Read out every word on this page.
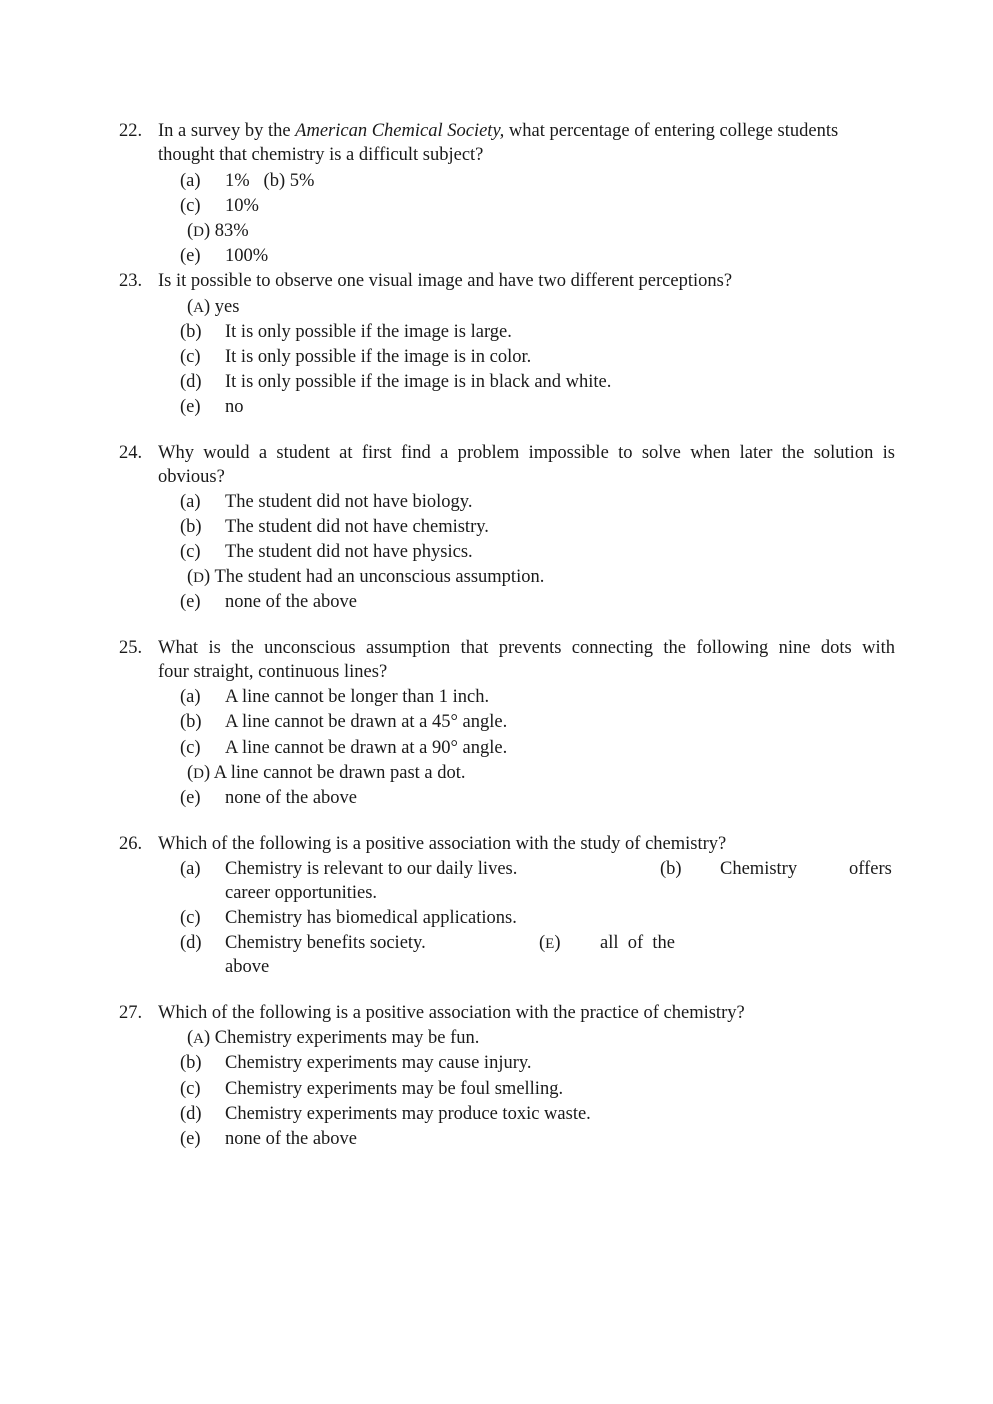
22. In a survey by the American Chemical Society, what percentage of entering college students
thought that chemistry is a difficult subject?
(a) 1% (b) 5%
(c) 10%
(D) 83%
(e) 100%
23. Is it possible to observe one visual image and have two different perceptions?
(A) yes
(b) It is only possible if the image is large.
(c) It is only possible if the image is in color.
(d) It is only possible if the image is in black and white.
(e) no
24. Why would a student at first find a problem impossible to solve when later the solution is
obvious?
(a) The student did not have biology.
(b) The student did not have chemistry.
(c) The student did not have physics.
(D) The student had an unconscious assumption.
(e) none of the above
25. What is the unconscious assumption that prevents connecting the following nine dots with
four straight, continuous lines?
(a) A line cannot be longer than 1 inch.
(b) A line cannot be drawn at a 45° angle.
(c) A line cannot be drawn at a 90° angle.
(D) A line cannot be drawn past a dot.
(e) none of the above
26. Which of the following is a positive association with the study of chemistry?
(a) Chemistry is relevant to our daily lives.	(b) Chemistry	offers
career opportunities.
(c) Chemistry has biomedical applications.
(d) Chemistry benefits society.	(E) all  of  the
above
27. Which of the following is a positive association with the practice of chemistry?
(A) Chemistry experiments may be fun.
(b) Chemistry experiments may cause injury.
(c) Chemistry experiments may be foul smelling.
(d) Chemistry experiments may produce toxic waste.
(e) none of the above
